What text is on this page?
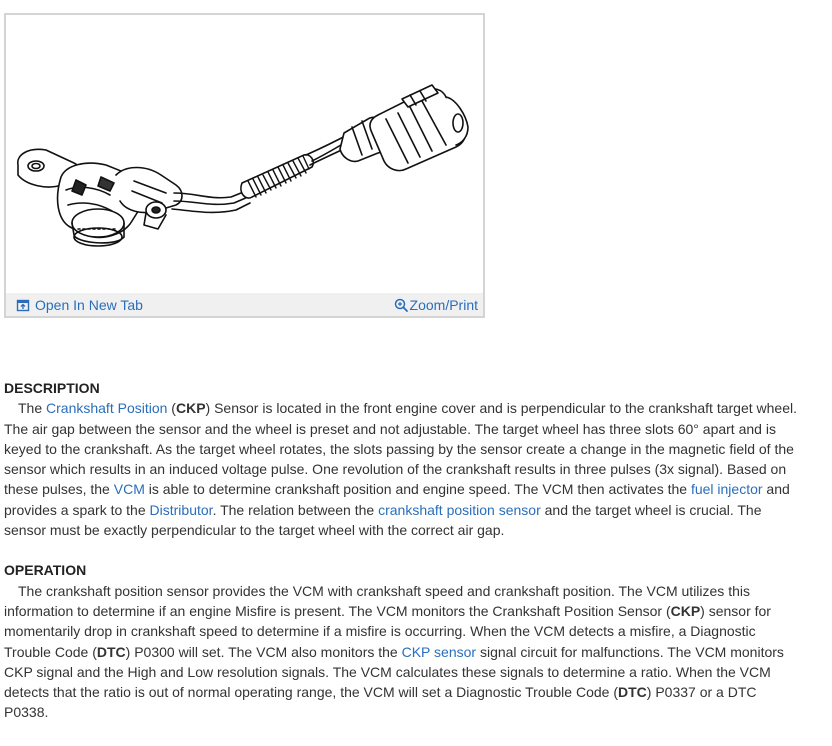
Open In New Tab	Zoom/Print
DESCRIPTION

The Crankshaft Position (CKP) Sensor is located in the front engine cover and is perpendicular to the crankshaft target wheel. The air gap between the sensor and the wheel is preset and not adjustable. The target wheel has three slots 60° apart and is keyed to the crankshaft. As the target wheel rotates, the slots passing by the sensor create a change in the magnetic field of the sensor which results in an induced voltage pulse. One revolution of the crankshaft results in three pulses (3x signal). Based on these pulses, the VCM is able to determine crankshaft position and engine speed. The VCM then activates the fuel injector and provides a spark to the Distributor. The relation between the crankshaft position sensor and the target wheel is crucial. The sensor must be exactly perpendicular to the target wheel with the correct air gap.

OPERATION

The crankshaft position sensor provides the VCM with crankshaft speed and crankshaft position. The VCM utilizes this information to determine if an engine Misfire is present. The VCM monitors the Crankshaft Position Sensor (CKP) sensor for momentarily drop in crankshaft speed to determine if a misfire is occurring. When the VCM detects a misfire, a Diagnostic Trouble Code (DTC) P0300 will set. The VCM also monitors the CKP sensor signal circuit for malfunctions. The VCM monitors CKP signal and the High and Low resolution signals. The VCM calculates these signals to determine a ratio. When the VCM detects that the ratio is out of normal operating range, the VCM will set a Diagnostic Trouble Code (DTC) P0337 or a DTC P0338.
